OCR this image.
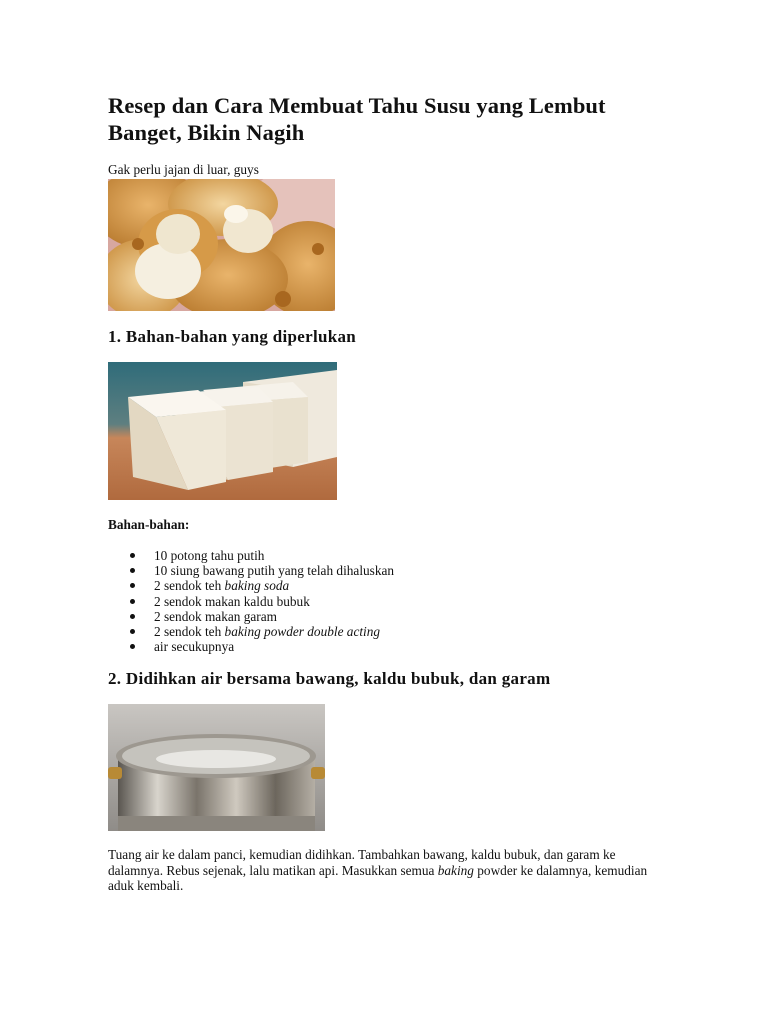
Resep dan Cara Membuat Tahu Susu yang Lembut Banget, Bikin Nagih

Gak perlu jajan di luar, guys

1. Bahan-bahan yang diperlukan

Bahan-bahan:

10 potong tahu putih
10 siung bawang putih yang telah dihaluskan
2 sendok teh baking soda
2 sendok makan kaldu bubuk
2 sendok makan garam
2 sendok teh baking powder double acting
air secukupnya
2. Didihkan air bersama bawang, kaldu bubuk, dan garam

Tuang air ke dalam panci, kemudian didihkan. Tambahkan bawang, kaldu bubuk, dan garam ke dalamnya. Rebus sejenak, lalu matikan api. Masukkan semua baking powder ke dalamnya, kemudian aduk kembali.
